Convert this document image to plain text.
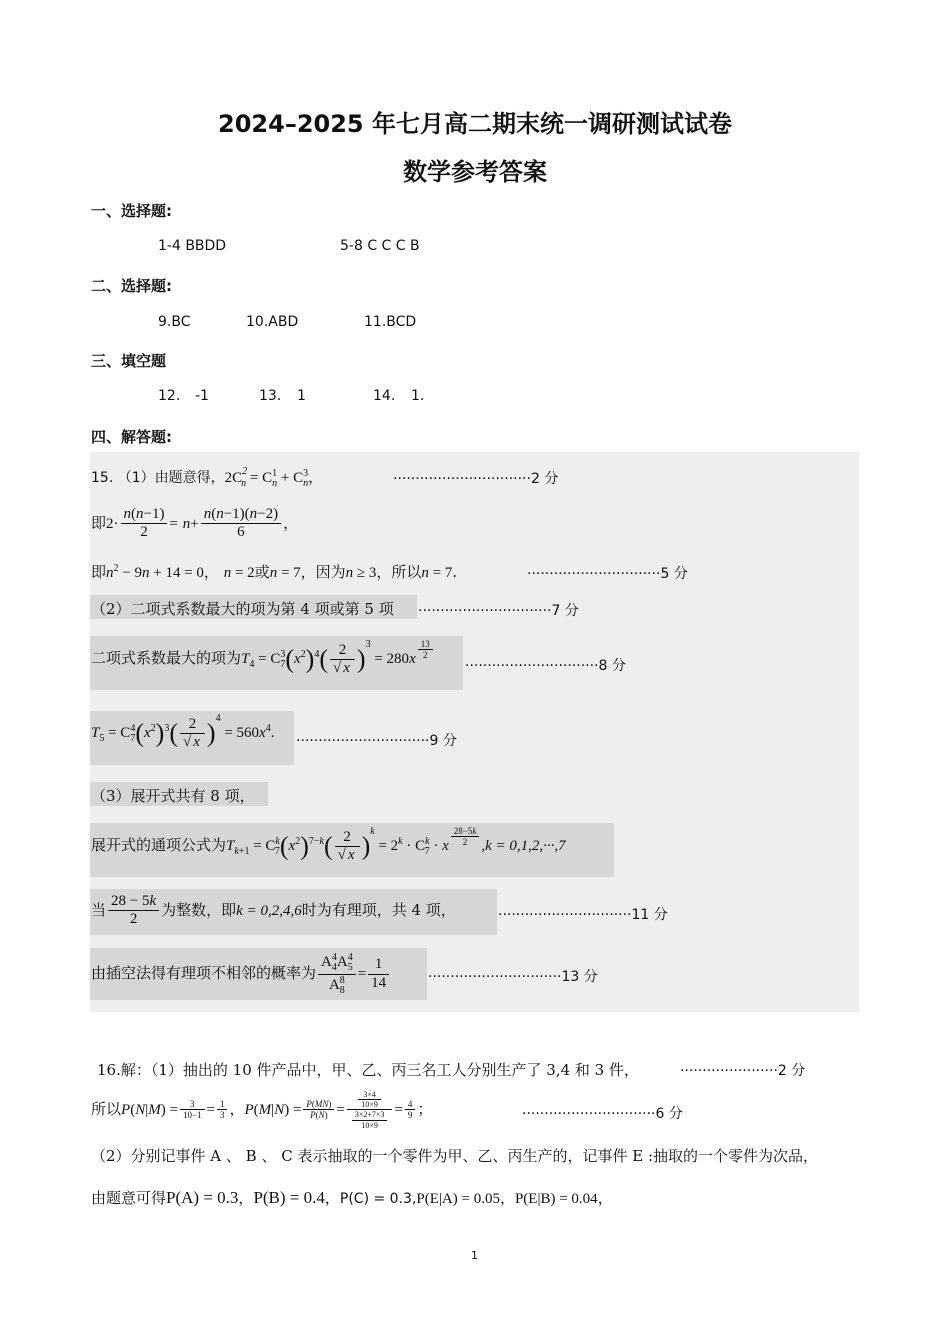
2024–2025 年七月高二期末统一调研测试试卷
数学参考答案
一、选择题:
1-4 BBDD	5-8 C C C B
二、选择题:
9.BC	10.ABD	11.BCD
三、填空题
12. -1	13. 1	14. 1.
四、解答题:
15. （1）由题意得，$2C^2_n = C^1_n + C^3_n$，	·······························2 分
即$2\cdot \frac{n(n-1)}{2} = n+ \frac{n(n-1)(n-2)}{6}$ ，
即$n^2 - 9n + 14 = 0$， n = 2或n = 7，因为n ≥ 3，所以n = 7.	······························5 分
（2）二项式系数最大的项为第 4 项或第 5 项 ······························7 分
二项式系数最大的项为$T_4 = C^3_7(x^2)^4( \frac{2}{√ x} )^3 = 280x \frac{13}{2}$
······························8 分
$T_5 = C^4_7(x^2)^3( \frac{2}{√ x} )^4 = 560x^4$. ······························9 分
（3）展开式共有 8 项，
展开式的通项公式为$T_{k+1} = C^k_7(x^2)^{7-k}( \frac{2}{√ x} )^k = 2^k \cdot C^k_7 \cdot x \frac{28-5k}{2} ,k = 0,1,2,\cdot\cdot\cdot,7$
当 $\frac{28 - 5k}{2}$ 为整数，即k = 0,2,4,6时为有理项，共 4 项，	······························11 分
由插空法得有理项不相邻的概率为 $\frac{A^4_4A^4_5}{A^8_8} = \frac{1}{14}$	······························13 分
16.解：（1）抽出的 10 件产品中，甲、乙、丙三名工人分别生产了 3,4 和 3 件，	······················2 分
所以$P(N|M) = \frac{3}{10-1} = \frac{1}{3}$ ，$P(M|N) = \frac{P(MN)}{P(N)} = \frac{\frac{3\times 4}{10\times 9}}{\frac{3\times 2+7\times 3}{10\times 9}} = \frac{4}{9}$ ；	······························6 分
（2）分别记事件 A 、 B 、 C 表示抽取的一个零件为甲、乙、丙生产的，记事件 E :抽取的一个零件为次品，
由题意可得P(A) = 0.3，P(B) = 0.4，P(C) = 0.3,P(E|A) = 0.05，P(E|B) = 0.04，
1
